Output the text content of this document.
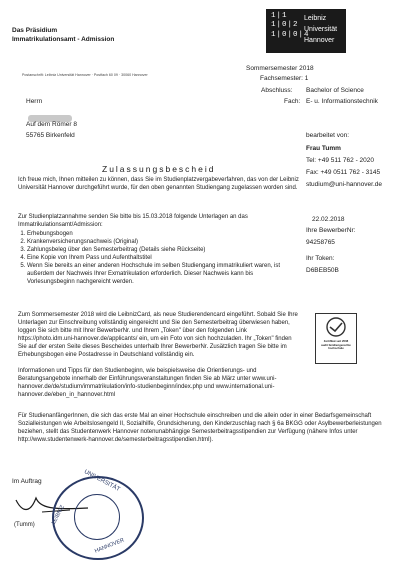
Das Präsidium
Immatrikulationsamt - Admission
1|1
1|0|2
1|0|0|4
Leibniz
Universität
Hannover
Postanschrift: Leibniz Universität Hannover · Postfach 60 09 · 30060 Hannover
Sommersemester 2018
Fachsemester: 1
Abschluss: Bachelor of Science
Fach: E- u. Informationstechnik
Herrn
Auf dem Römer 8
55765 Birkenfeld	bearbeitet von:
Frau Tumm
Tel: +49 511 762 - 2020
Fax: +49 0511 762 - 3145
studium@uni-hannover.de
Zulassungsbescheid
Ich freue mich, Ihnen mitteilen zu können, dass Sie im Studienplatzvergabeverfahren, das von der Leibniz Universität Hannover durchgeführt wurde, für den oben genannten Studiengang zugelassen worden sind.
22.02.2018
Ihre BewerberNr:
94258765
Ihr Token:
D6BEB50B
Zur Studienplatzannahme senden Sie bitte bis 15.03.2018 folgende Unterlagen an das Immatrikulationsamt/Admission:
1. Erhebungsbogen
2. Krankenversicherungsnachweis (Original)
3. Zahlungsbeleg über den Semesterbeitrag (Details siehe Rückseite)
4. Eine Kopie von Ihrem Pass und Aufenthaltstitel
5. Wenn Sie bereits an einer anderen Hochschule im selben Studiengang immatrikuliert waren, ist außerdem der Nachweis Ihrer Exmatrikulation erforderlich. Dieser Nachweis kann bis Vorlesungsbeginn nachgereicht werden.
Zertifikat seit 2008
audit familiengerechte
hochschule
Zum Sommersemester 2018 wird die LeibnizCard, als neue Studierendencard eingeführt. Sobald Sie Ihre Unterlagen zur Einschreibung vollständig eingereicht und Sie den Semesterbeitrag überwiesen haben, loggen Sie sich bitte mit Ihrer BewerberNr. und Ihrem „Token" über den folgenden Link https://photo.idm.uni-hannover.de/applicants/ ein, um ein Foto von sich hochzuladen. Ihr „Token" finden Sie auf der ersten Seite dieses Bescheides unterhalb Ihrer BewerberNr. Zusätzlich tragen Sie bitte im Erhebungsbogen eine Postadresse in Deutschland vollständig ein.
Informationen und Tipps für den Studienbeginn, wie beispielsweise die Orientierungs- und Beratungsangebote innerhalb der Einführungsveranstaltungen finden Sie ab März unter www.uni-hannover.de/de/studium/immatrikulation/info-studienbeginn/index.php und www.international.uni-hannover.de/eben_in_hannover.html
Für StudienanfängerInnen, die sich das erste Mal an einer Hochschule einschreiben und die allein oder in einer Bedarfsgemeinschaft Sozialleistungen wie Arbeitslosengeld II, Sozialhilfe, Grundsicherung, den Kinderzuschlag nach § 6a BKGG oder Asylbewerberleistungen beziehen, stellt das Studentenwerk Hannover notenunabhängige Semesterbeitragsstipendien zur Verfügung (nähere Infos unter http://www.studentenwerk-hannover.de/semesterbeitragsstipendien.html).
Im Auftrag
(Tumm)
UNIVERSITÄT
LEIBNIZ
HANNOVER
